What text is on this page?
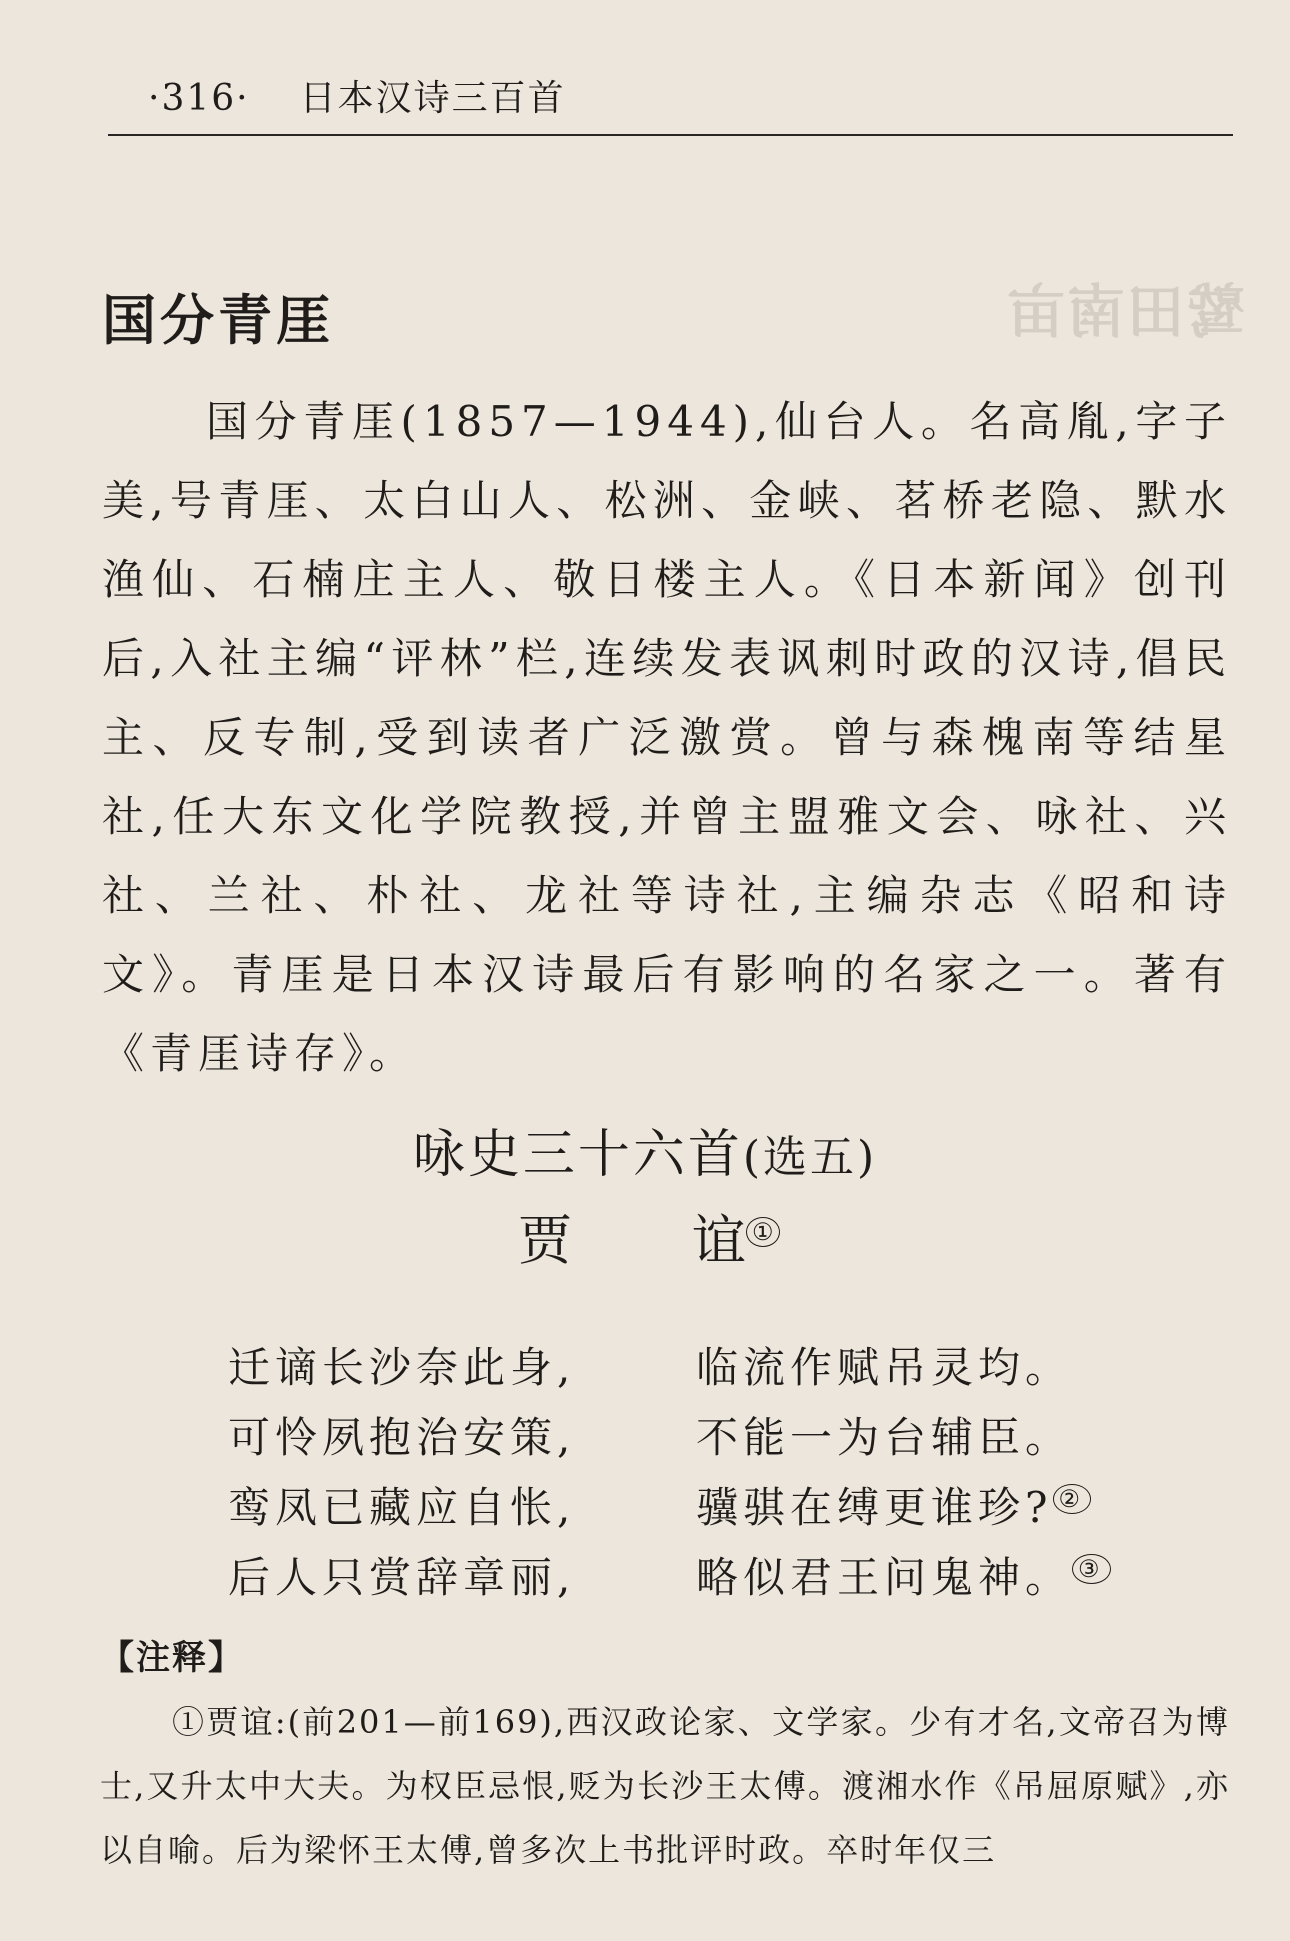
鹫田南亩
·316· 日本汉诗三百首
国分青厓
国分青厓(1857—1944),仙台人。名高胤,字子美,号青厓、太白山人、松洲、金峡、茗桥老隐、默水渔仙、石楠庄主人、敬日楼主人。《日本新闻》创刊后,入社主编“评林”栏,连续发表讽刺时政的汉诗,倡民主、反专制,受到读者广泛激赏。曾与森槐南等结星社,任大东文化学院教授,并曾主盟雅文会、咏社、兴社、兰社、朴社、龙社等诗社,主编杂志《昭和诗文》。青厓是日本汉诗最后有影响的名家之一。著有《青厓诗存》。
咏史三十六首(选五)
贾 谊 ①
迁谪长沙奈此身,	临流作赋吊灵均。
可怜夙抱治安策,	不能一为台辅臣。
鸾凤已藏应自怅,	骥骐在缚更谁珍? ②
后人只赏辞章丽,	略似君王问鬼神。 ③
【注释】
①贾谊:(前201—前169),西汉政论家、文学家。少有才名,文帝召为博士,又升太中大夫。为权臣忌恨,贬为长沙王太傅。渡湘水作《吊屈原赋》,亦以自喻。后为梁怀王太傅,曾多次上书批评时政。卒时年仅三
